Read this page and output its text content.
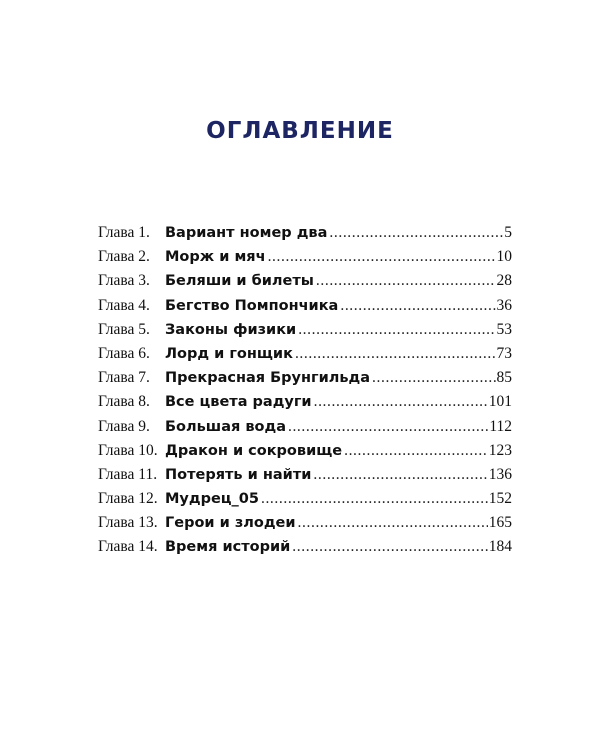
ОГЛАВЛЕНИЕ
Глава 1.	Вариант номер два .....	5
Глава 2.	Морж и мяч .....	10
Глава 3.	Беляши и билеты .....	28
Глава 4.	Бегство Помпончика .....	36
Глава 5.	Законы физики .....	53
Глава 6.	Лорд и гонщик .....	73
Глава 7.	Прекрасная Брунгильда .....	85
Глава 8.	Все цвета радуги .....	101
Глава 9.	Большая вода .....	112
Глава 10. Дракон и сокровище .....	123
Глава 11. Потерять и найти .....	136
Глава 12. Мудрец_05 .....	152
Глава 13. Герои и злодеи .....	165
Глава 14. Время историй .....	184
